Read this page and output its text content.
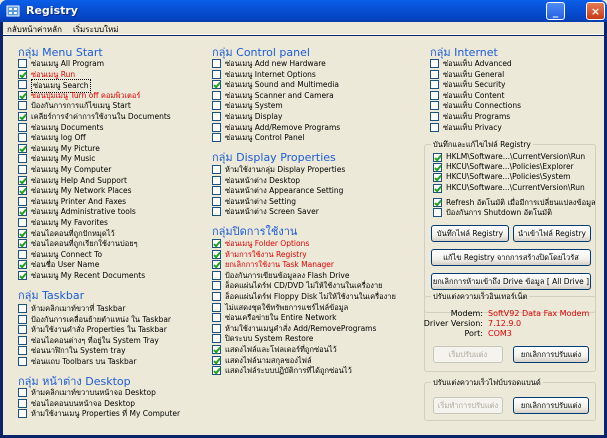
Registry	_	×
กลับหน้าค่าหลัก เริ่มระบบใหม่
กลุ่ม Menu Start
ซ่อนเมนู All Program
ซ่อนเมนู Run
ซ่อนเมนู Search
ซ่อนปุ่มเมนู Turn off คอมพิวเตอร์
ป้องกันการการแก้ไขเมนู Start
เคลียร์การจำค่าการใช้งานใน Documents
ซ่อนเมนู Documents
ซ่อนเมนู log Off
ซ่อนเมนู My Picture
ซ่อนเมนู My Music
ซ่อนเมนู My Computer
ซ่อนเมนู Help And Support
ซ่อนเมนู My Network Places
ซ่อนเมนู Printer And Faxes
ซ่อนเมนู Administrative tools
ซ่อนเมนู My Favorites
ซ่อนไอคอนที่ถูกปักหมุดไว้
ซ่อนไอคอนที่ถูกเรียกใช้งานบ่อยๆ
ซ่อนเมนู Connect To
ซ่อนชื่อ User Name
ซ่อนเมนู My Recent Documents
กลุ่ม Taskbar
ห้ามคลิกเมาท์ขวาที่ Taskbar
ป้องกันการเคลื่อนย้ายตำแหน่ง ใน Taskbar
ห้ามใช้งานคำสั่ง Properties ใน Taskbar
ซ่อนไอคอนต่างๆ ที่อยู่ใน System Tray
ซ่อนนาฬิกาใน System tray
ซ่อนแถบ Toolbars บน Taskbar
กลุ่ม หน้าต่าง Desktop
ห้ามคลิกเมาท์ขวาบนหน้าจอ Desktop
ซ่อนไอคอนบนหน้าจอ Desktop
ห้ามใช้งานเมนู Properties ที่ My Computer
กลุ่ม Control panel
ซ่อนเมนู Add new Hardware
ซ่อนเมนู Internet Options
ซ่อนเมนู Sound and Multimedia
ซ่อนเมนู Scanner and Camera
ซ่อนเมนู System
ซ่อนเมนู Display
ซ่อนเมนู Add/Remove Programs
ซ่อนเมนู Control Panel
กลุ่ม Display Properties
ห้ามใช้งานกลุ่ม Display Properties
ซ่อนหน้าต่าง Desktop
ซ่อนหน้าต่าง Appearance Setting
ซ่อนหน้าต่าง Setting
ซ่อนหน้าต่าง Screen Saver
กลุ่มปิดการใช้งาน
ซ่อนเมนู Folder Options
ห้ามการใช้งาน Registry
ยกเลิกการใช้งาน Task Manager
ป้องกันการเขียนข้อมูลลง Flash Drive
ล็อคแผ่นไดร์ฟ CD/DVD ไม่ให้ใช้งานในเครื่องาย
ล็อคแผ่นไดร์ฟ Floppy Disk ไม่ให้ใช้งานในเครื่องาย
ไม่แสดงชุดใช้ทรัพยการแชร์ไฟล์ข้อมูล
ซ่อนเครือข่ายใน Entire Network
ห้ามใช้งานเมนูคำสั่ง Add/RemovePrograms
ปิดระบบ System Restore
แสดงไฟล์และโฟลเดอร์ที่ถูกซ่อนไว้
แสดงไฟล์นามสกุลของไฟล์
แสดงไฟล์ระบบปฏิบัติการที่ได้ถูกซ่อนไว้
กลุ่ม Internet
ซ่อนแท็บ Advanced
ซ่อนแท็บ General
ซ่อนแท็บ Security
ซ่อนแท็บ Content
ซ่อนแท็บ Connections
ซ่อนแท็บ Programs
ซ่อนแท็บ Privacy
บันทึกและแก้ไขไฟล์ Registry
HKLM\Software...\CurrentVersion\Run
HKCU\Software...\Policies\Explorer
HKCU\Software...\Policies\System
HKCU\Software...\CurrentVersion\Run
Refresh อัตโนมัติ เมื่อมีการเปลี่ยนแปลงข้อมูล
ป้องกันการ Shutdown อัตโนมัติ
บันทึกไฟล์ Registry	นำเข้าไฟล์ Registry
แก้ไข Registry จากการสร้างปิดโดยไวรัส
ยกเลิกการห้ามเข้าถึง Drive ข้อมูล [ All Drive ]
ปรับแต่งความเร็วอินเทอร์เน็ต
Modem: SoftV92 Data Fax Modem
Driver Version: 7.12.9.0
Port: COM3
เริ่มปรับแต่ง	ยกเลิกการปรับแต่ง
ปรับแต่งความเร็วไฟบ์บรอดแบนด์
เริ่มทำการปรับแต่ง	ยกเลิกการปรับแต่ง
